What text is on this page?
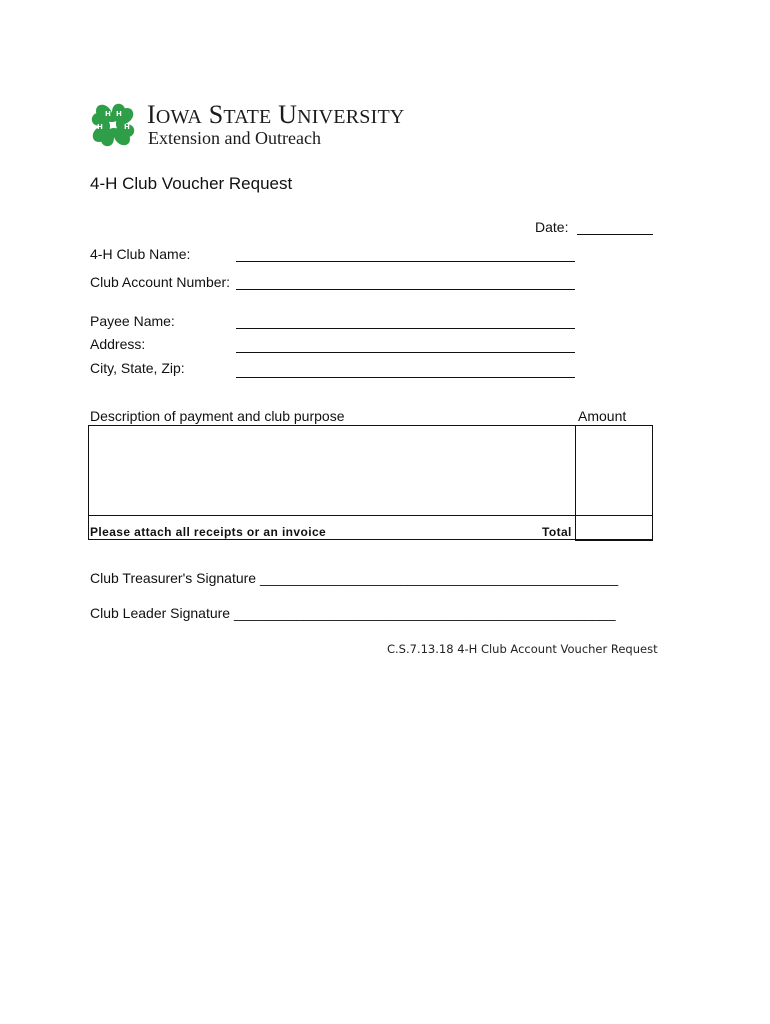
H H
H	H IOWA STATE UNIVERSITY
Extension and Outreach
4-H Club Voucher Request
Date:
4-H Club Name:
Club Account Number:
Payee Name:
Address:
City, State, Zip:
Description of payment and club purpose	Amount
Please attach all receipts or an invoice	Total
Club Treasurer's Signature ______________________________________________
Club Leader Signature _________________________________________________
C.S.7.13.18 4-H Club Account Voucher Request
